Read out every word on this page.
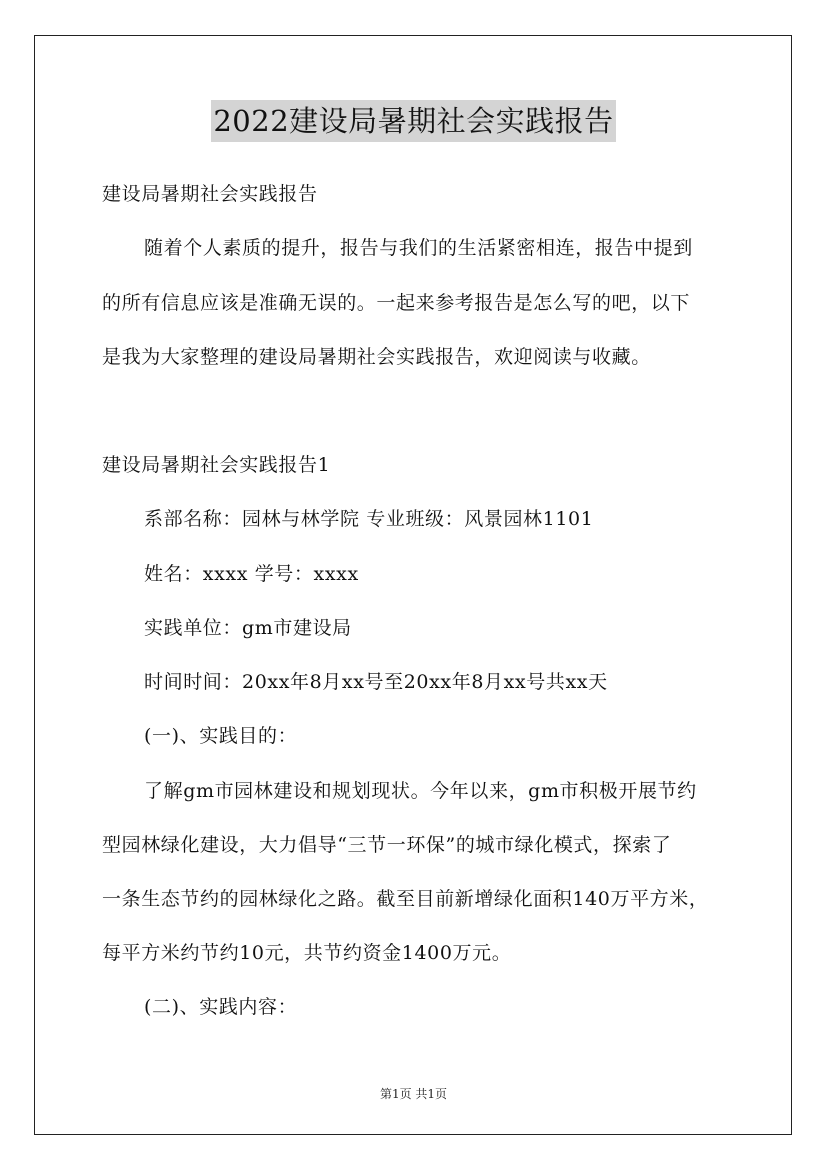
2022建设局暑期社会实践报告
建设局暑期社会实践报告
随着个人素质的提升，报告与我们的生活紧密相连，报告中提到
的所有信息应该是准确无误的。一起来参考报告是怎么写的吧，以下
是我为大家整理的建设局暑期社会实践报告，欢迎阅读与收藏。
建设局暑期社会实践报告1
系部名称：园林与林学院 专业班级：风景园林1101
姓名：xxxx 学号：xxxx
实践单位：gm市建设局
时间时间：20xx年8月xx号至20xx年8月xx号共xx天
(一)、实践目的：
了解gm市园林建设和规划现状。今年以来，gm市积极开展节约
型园林绿化建设，大力倡导“三节一环保”的城市绿化模式，探索了
一条生态节约的园林绿化之路。截至目前新增绿化面积140万平方米，
每平方米约节约10元，共节约资金1400万元。
(二)、实践内容：
第1页 共1页
